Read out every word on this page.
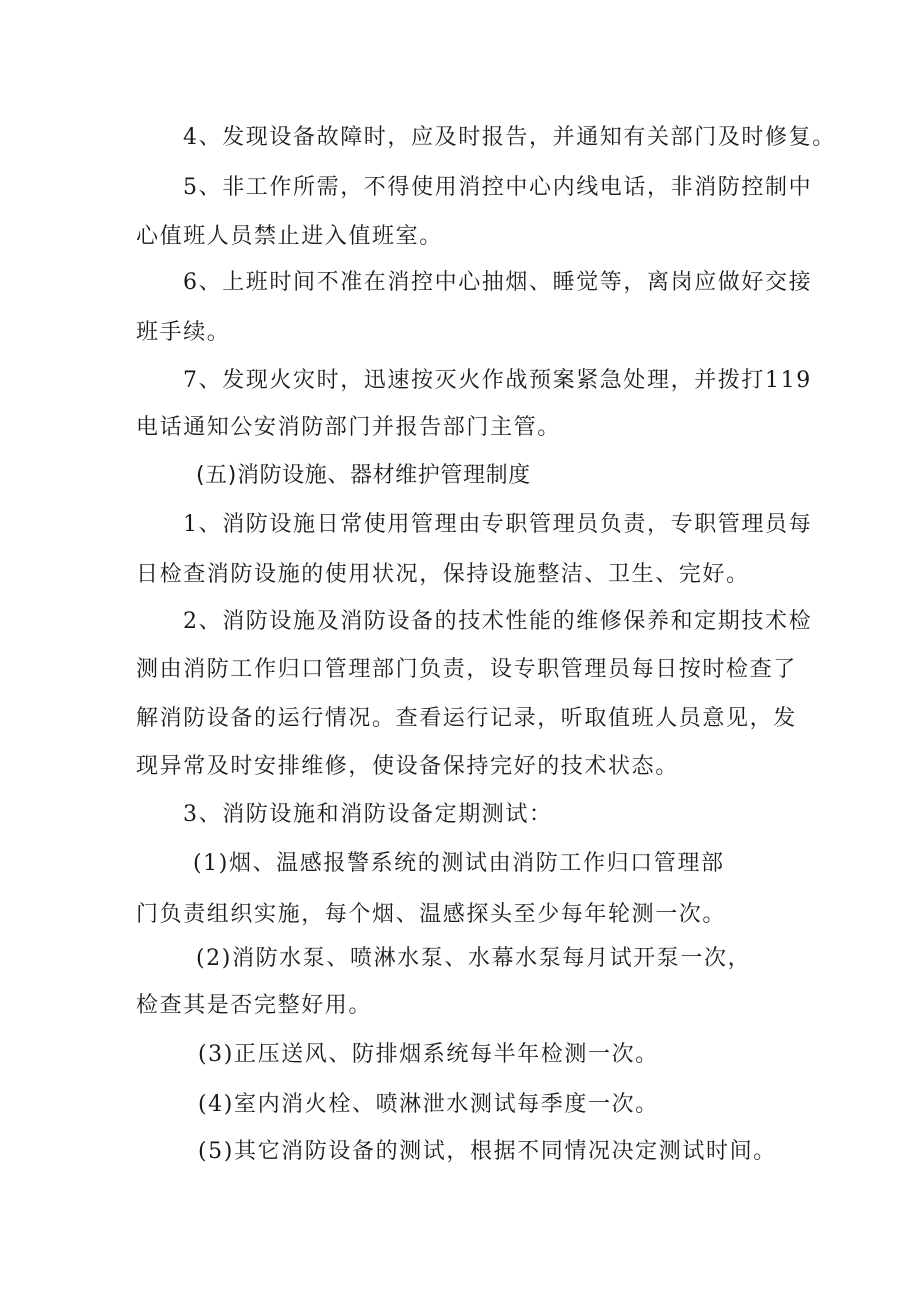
4、发现设备故障时，应及时报告，并通知有关部门及时修复。
5、非工作所需，不得使用消控中心内线电话，非消防控制中
心值班人员禁止进入值班室。
6、上班时间不准在消控中心抽烟、睡觉等，离岗应做好交接
班手续。
7、发现火灾时，迅速按灭火作战预案紧急处理，并拨打119
电话通知公安消防部门并报告部门主管。
(五)消防设施、器材维护管理制度
1、消防设施日常使用管理由专职管理员负责，专职管理员每
日检查消防设施的使用状况，保持设施整洁、卫生、完好。
2、消防设施及消防设备的技术性能的维修保养和定期技术检
测由消防工作归口管理部门负责，设专职管理员每日按时检查了
解消防设备的运行情况。查看运行记录，听取值班人员意见，发
现异常及时安排维修，使设备保持完好的技术状态。
3、消防设施和消防设备定期测试：
(1)烟、温感报警系统的测试由消防工作归口管理部
门负责组织实施，每个烟、温感探头至少每年轮测一次。
(2)消防水泵、喷淋水泵、水幕水泵每月试开泵一次，
检查其是否完整好用。
(3)正压送风、防排烟系统每半年检测一次。
(4)室内消火栓、喷淋泄水测试每季度一次。
(5)其它消防设备的测试，根据不同情况决定测试时间。
